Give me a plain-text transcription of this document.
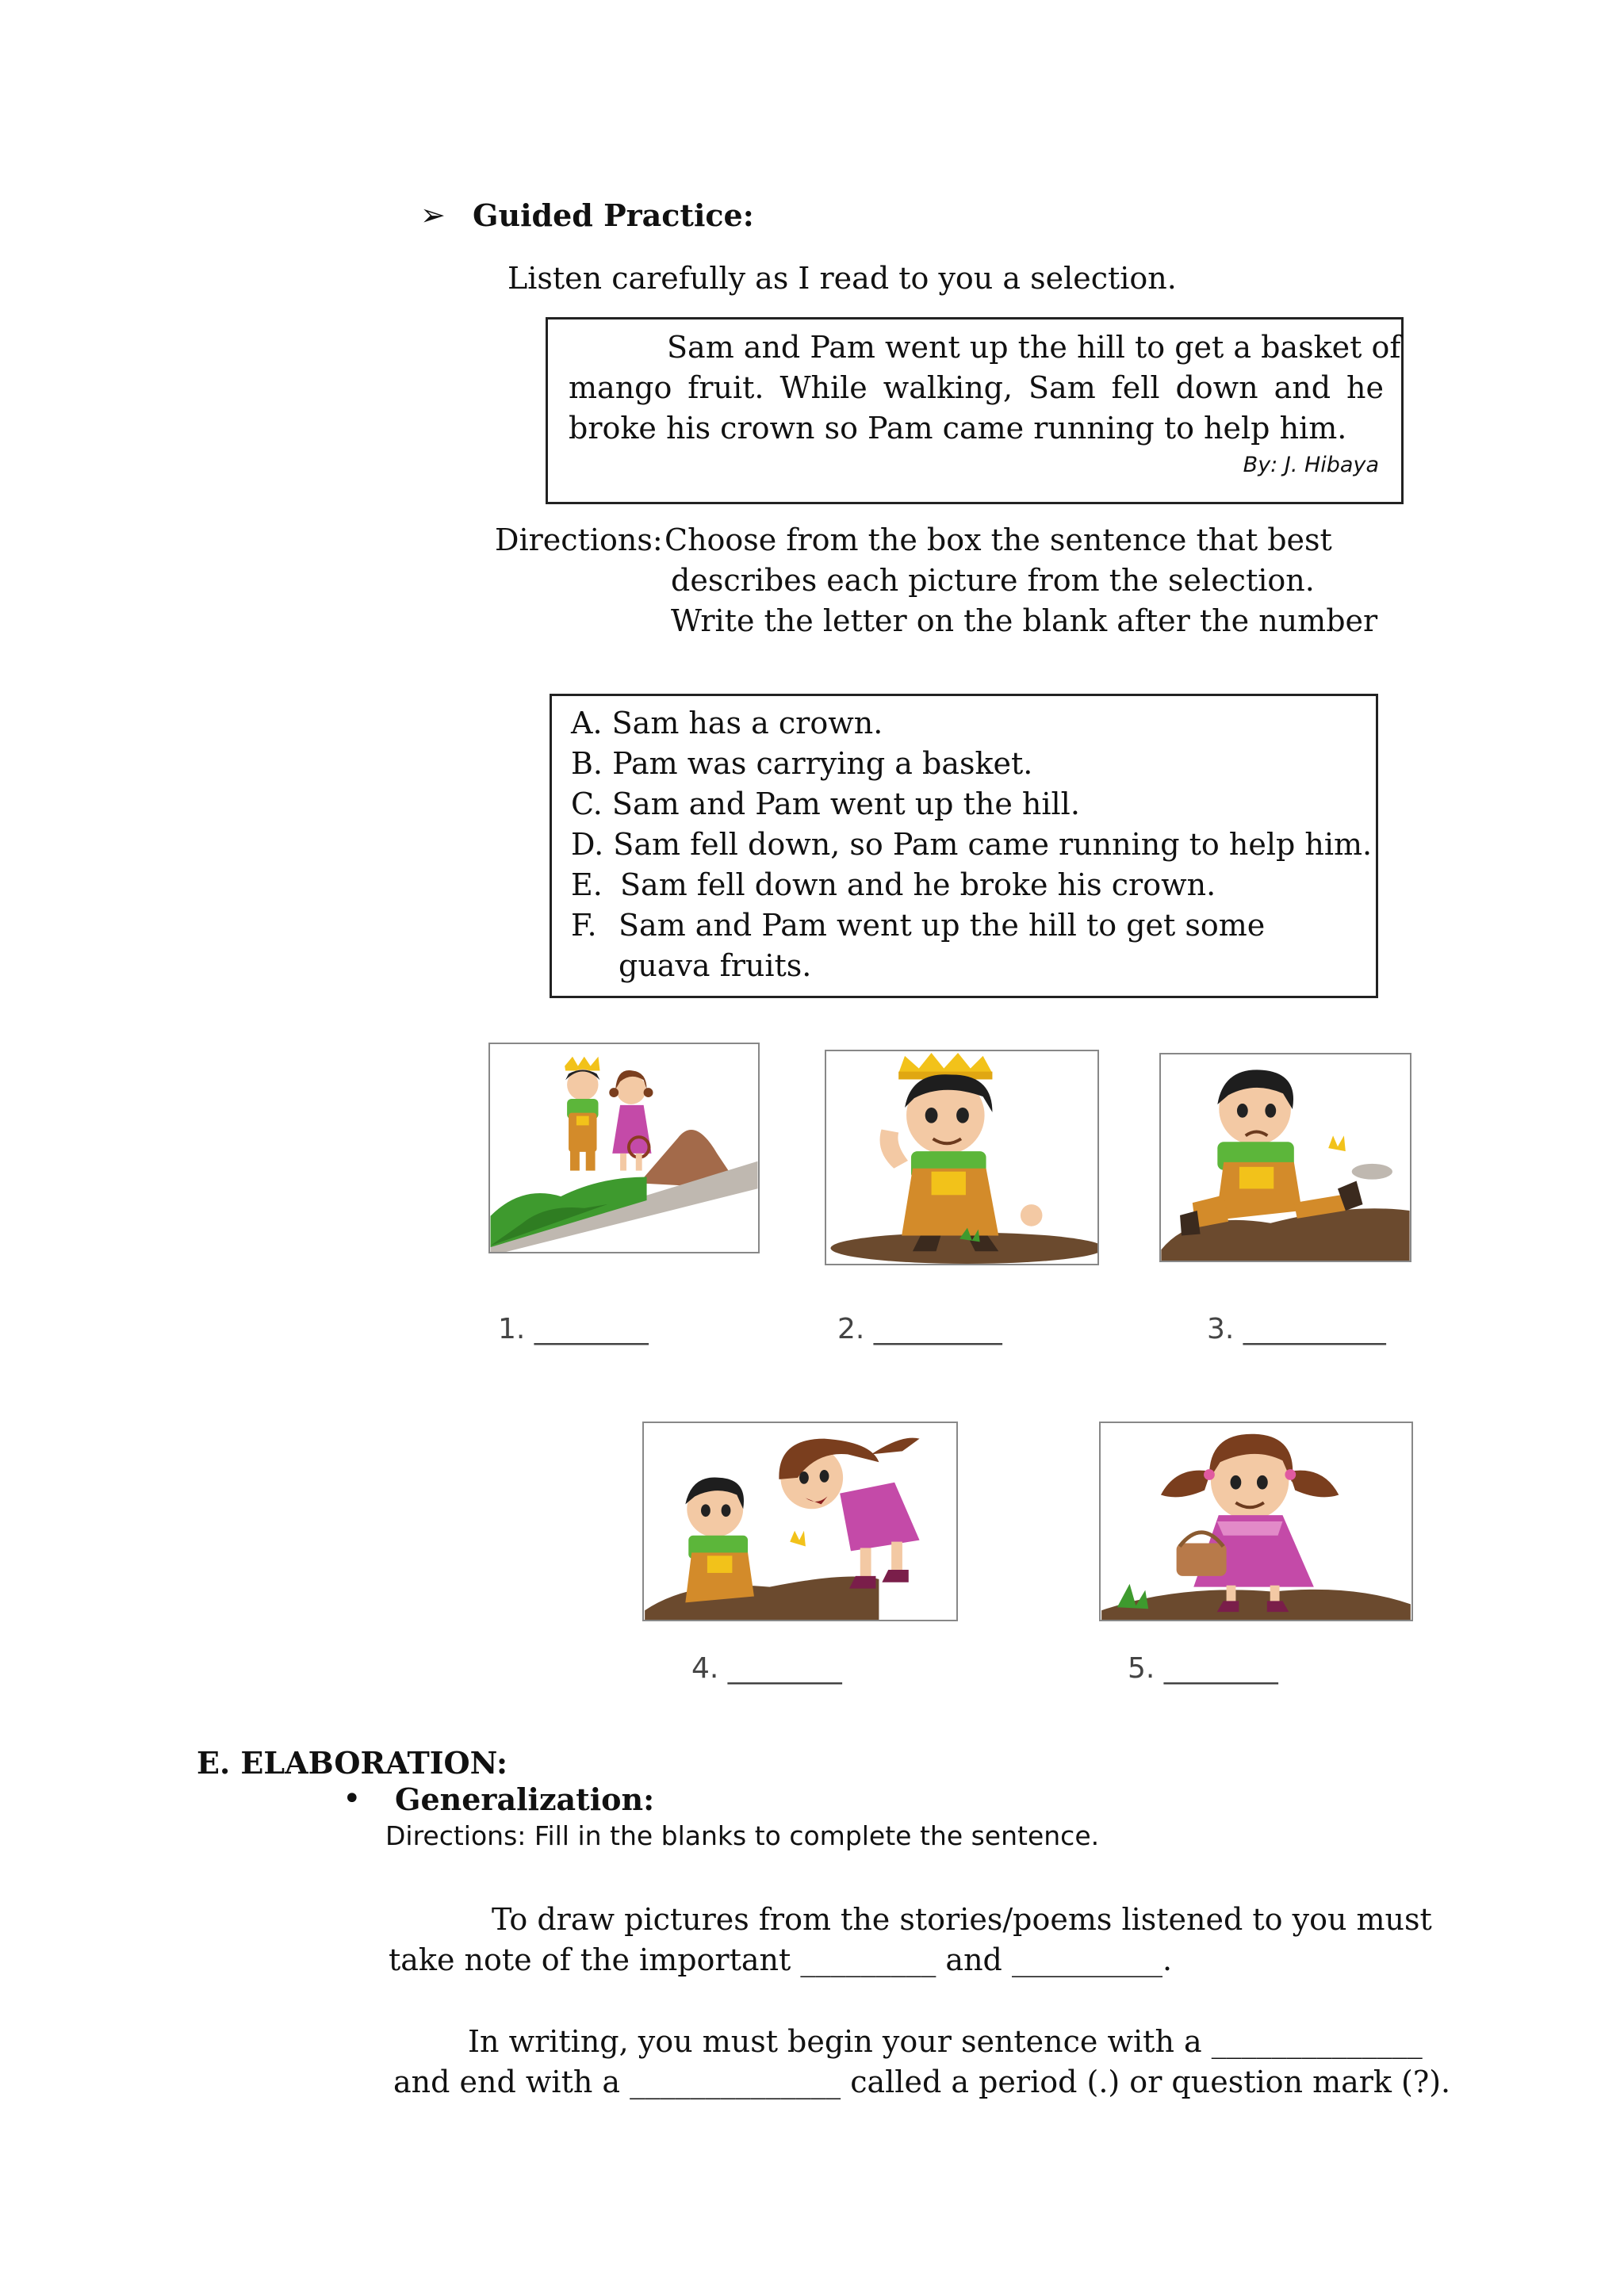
➢ Guided Practice:
Listen carefully as I read to you a selection.
Sam and Pam went up the hill to get a basket of
mango fruit. While walking, Sam fell down and he
broke his crown so Pam came running to help him.
By: J. Hibaya
Directions: Choose from the box the sentence that best
describes each picture from the selection.
Write the letter on the blank after the number
A. Sam has a crown.
B. Pam was carrying a basket.
C. Sam and Pam went up the hill.
D. Sam fell down, so Pam came running to help him.
E. Sam fell down and he broke his crown.
F. Sam and Pam went up the hill to get some
guava fruits.
1. ________	2. _________	3. __________
4. ________	5. ________
E. ELABORATION:
• Generalization:
Directions: Fill in the blanks to complete the sentence.
To draw pictures from the stories/poems listened to you must
take note of the important _________ and __________.
In writing, you must begin your sentence with a ______________
and end with a ______________ called a period (.) or question mark (?).
